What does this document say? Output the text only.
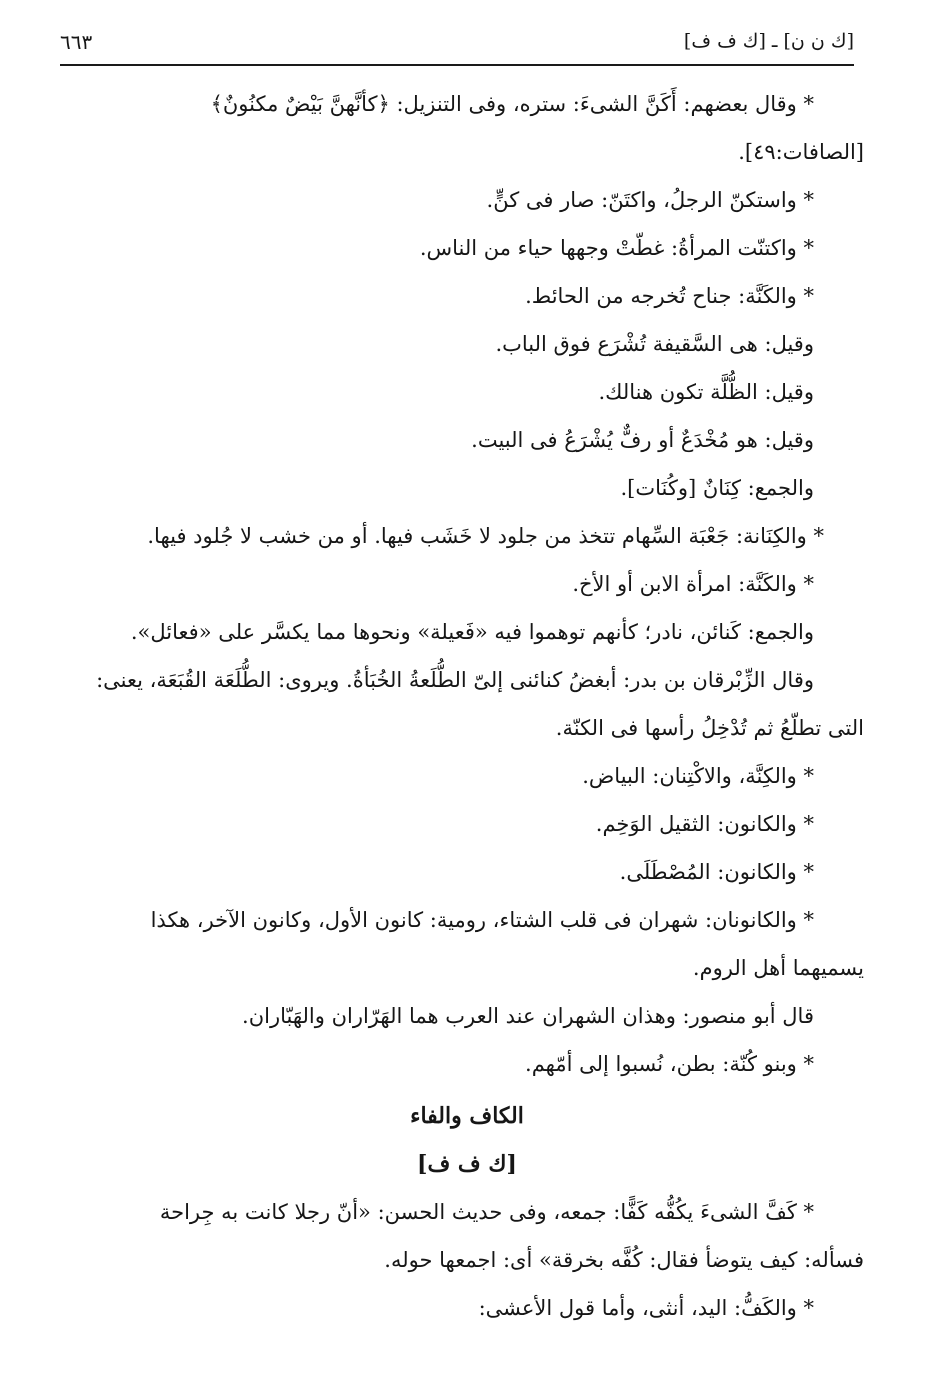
[ك ن ن] ـ [ك ف ف]
٦٦٣

* وقال بعضهم: أَكَنَّ الشىءَ: ستره، وفى التنزيل: ﴿كأنَّهنَّ بَيْضٌ مكنُونٌ﴾

[الصافات:٤٩].

* واستكنّ الرجلُ، واكتَنّ: صار فى كنٍّ.

* واكتنّت المرأةُ: غطّتْ وجهها حياء من الناس.

* والكَنَّة: جناح تُخرجه من الحائط.

وقيل: هى السَّقيفة تُشْرَع فوق الباب.

وقيل: الظُّلَّة تكون هنالك.

وقيل: هو مُخْدَعٌ أو رفٌّ يُشْرَعُ فى البيت.

والجمع: كِنَانٌ [وكُنَات].

* والكِنَانة: جَعْبَة السِّهام تتخذ من جلود لا خَشَب فيها. أو من خشب لا جُلود فيها.

* والكَنَّة: امرأة الابن أو الأخ.

والجمع: كَنائن، نادر؛ كأنهم توهموا فيه «فَعيلة» ونحوها مما يكسَّر على «فعائل».

وقال الزِّبْرقان بن بدر: أبغضُ كنائنى إلىّ الطُّلَعةُ الخُبَأةُ. ويروى: الطُّلَعَة القُبَعَة، يعنى:

التى تطلّعُ ثم تُدْخِلُ رأسها فى الكنّة.

* والكِنَّة، والاكْتِنان: البياض.

* والكانون: الثقيل الوَخِم.

* والكانون: المُصْطَلَى.

* والكانونان: شهران فى قلب الشتاء، رومية: كانون الأول، وكانون الآخر، هكذا

يسميهما أهل الروم.

قال أبو منصور: وهذان الشهران عند العرب هما الهَرّاران والهَبّاران.

* وبنو كُنّة: بطن، نُسبوا إلى أمّهم.

الكاف والفاء

[ك ف ف]

* كَفَّ الشىءَ يكُفُّه كَفًّا: جمعه، وفى حديث الحسن: «أنّ رجلا كانت به جِراحة

فسأله: كيف يتوضأ فقال: كُفَّه بخرقة» أى: اجمعها حوله.

* والكَفُّ: اليد، أنثى، وأما قول الأعشى:
